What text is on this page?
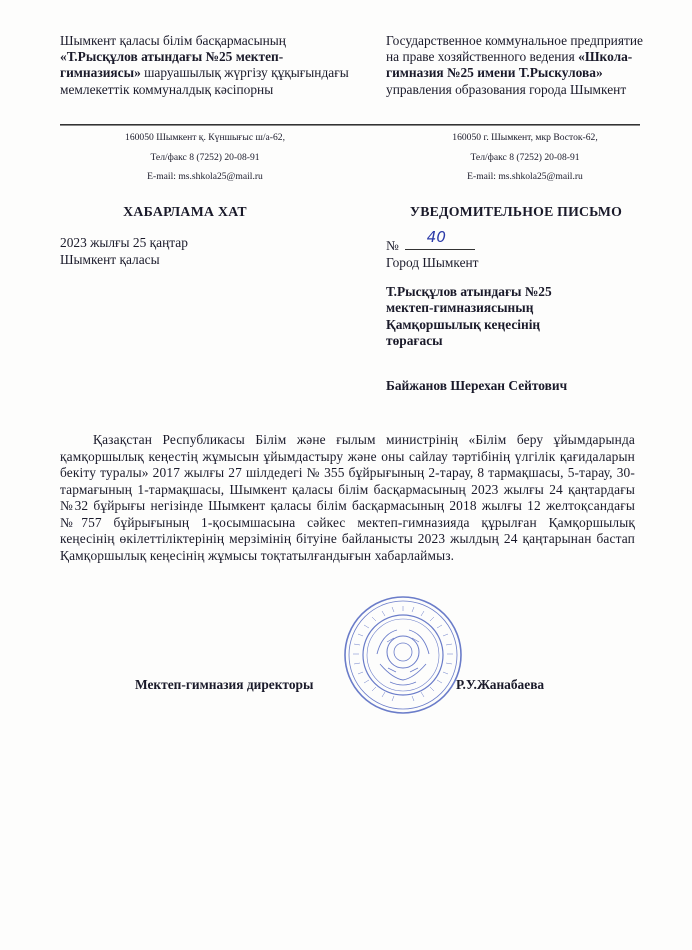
Шымкент қаласы білім басқармасының
«Т.Рысқұлов атындағы №25 мектеп-гимназиясы» шаруашылық жүргізу құқығындағы мемлекеттік коммуналдық кәсіпорны
Государственное коммунальное предприятие на праве хозяйственного ведения «Школа-гимназия №25 имени Т.Рыскулова» управления образования города Шымкент
160050 Шымкент қ. Күншығыс ш/а-62,
Тел/факс 8 (7252) 20-08-91
E-mail: ms.shkola25@mail.ru
160050 г. Шымкент, мкр Восток-62,
Тел/факс 8 (7252) 20-08-91
E-mail: ms.shkola25@mail.ru
ХАБАРЛАМА ХАТ	УВЕДОМИТЕЛЬНОЕ ПИСЬМО
2023 жылғы 25 қаңтар
Шымкент қаласы
№ 40
Город Шымкент
Т.Рысқұлов атындағы №25
мектеп-гимназиясының
Қамқоршылық кеңесінің
төрағасы
Байжанов Шерехан Сейтович
Қазақстан Республикасы Білім және ғылым министрінің «Білім беру ұйымдарында қамқоршылық кеңестің жұмысын ұйымдастыру және оны сайлау тәртібінің үлгілік қағидаларын бекіту туралы» 2017 жылғы 27 шілдедегі № 355 бұйрығының 2-тарау, 8 тармақшасы, 5-тарау, 30-тармағының 1-тармақшасы, Шымкент қаласы білім басқармасының 2023 жылғы 24 қаңтардағы №32 бұйрығы негізінде Шымкент қаласы білім басқармасының 2018 жылғы 12 желтоқсандағы №757 бұйрығының 1-қосымшасына сәйкес мектеп-гимназияда құрылған Қамқоршылық кеңесінің өкілеттіліктерінің мерзімінің бітуіне байланысты 2023 жылдың 24 қаңтарынан бастап Қамқоршылық кеңесінің жұмысы тоқтатылғандығын хабарлаймыз.
Мектеп-гимназия директоры	Р.У.Жанабаева
